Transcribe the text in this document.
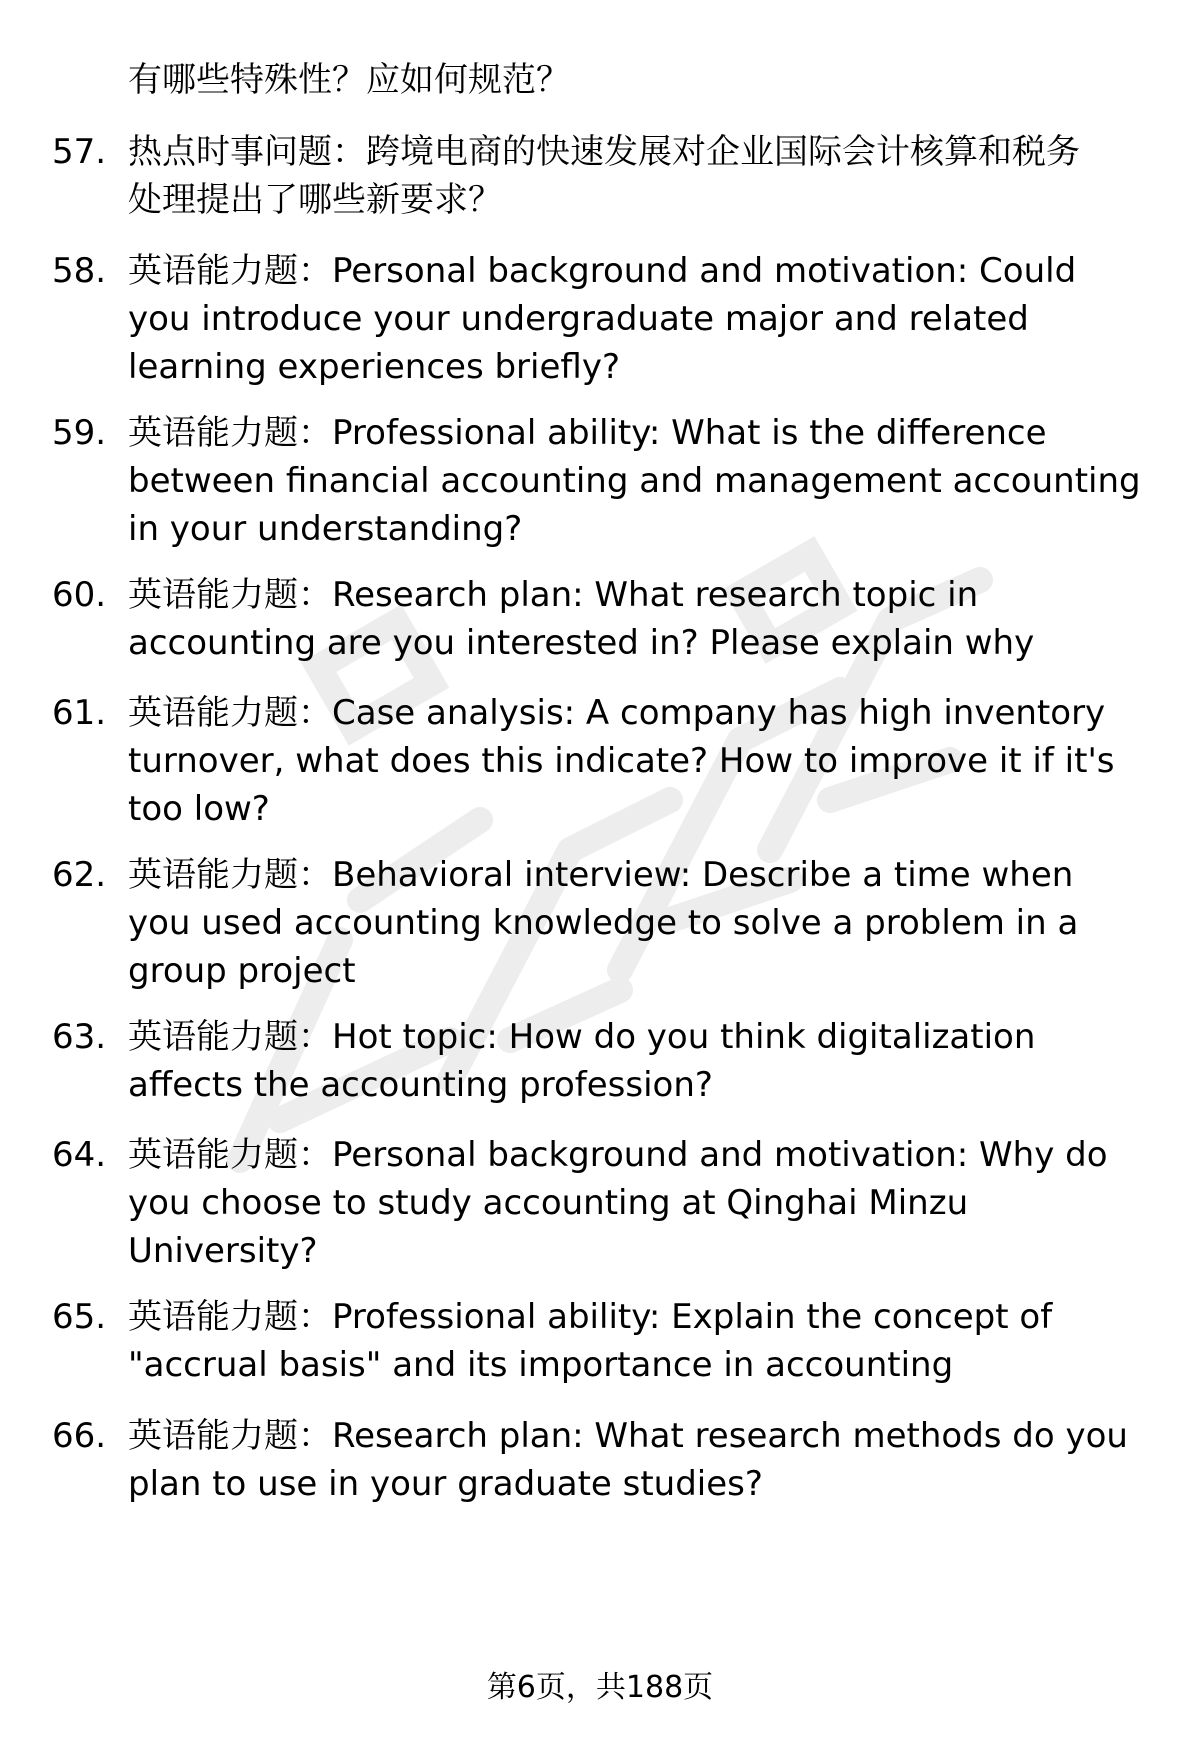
有哪些特殊性？应如何规范？
57. 热点时事问题：跨境电商的快速发展对企业国际会计核算和税务
处理提出了哪些新要求？
58. 英语能力题：Personal background and motivation: Could
you introduce your undergraduate major and related
learning experiences briefly?
59. 英语能力题：Professional ability: What is the difference
between financial accounting and management accounting
in your understanding?
60. 英语能力题：Research plan: What research topic in
accounting are you interested in? Please explain why
61. 英语能力题：Case analysis: A company has high inventory
turnover, what does this indicate? How to improve it if it's
too low?
62. 英语能力题：Behavioral interview: Describe a time when
you used accounting knowledge to solve a problem in a
group project
63. 英语能力题：Hot topic: How do you think digitalization
affects the accounting profession?
64. 英语能力题：Personal background and motivation: Why do
you choose to study accounting at Qinghai Minzu
University?
65. 英语能力题：Professional ability: Explain the concept of
"accrual basis" and its importance in accounting
66. 英语能力题：Research plan: What research methods do you
plan to use in your graduate studies?
第6页，共188页
